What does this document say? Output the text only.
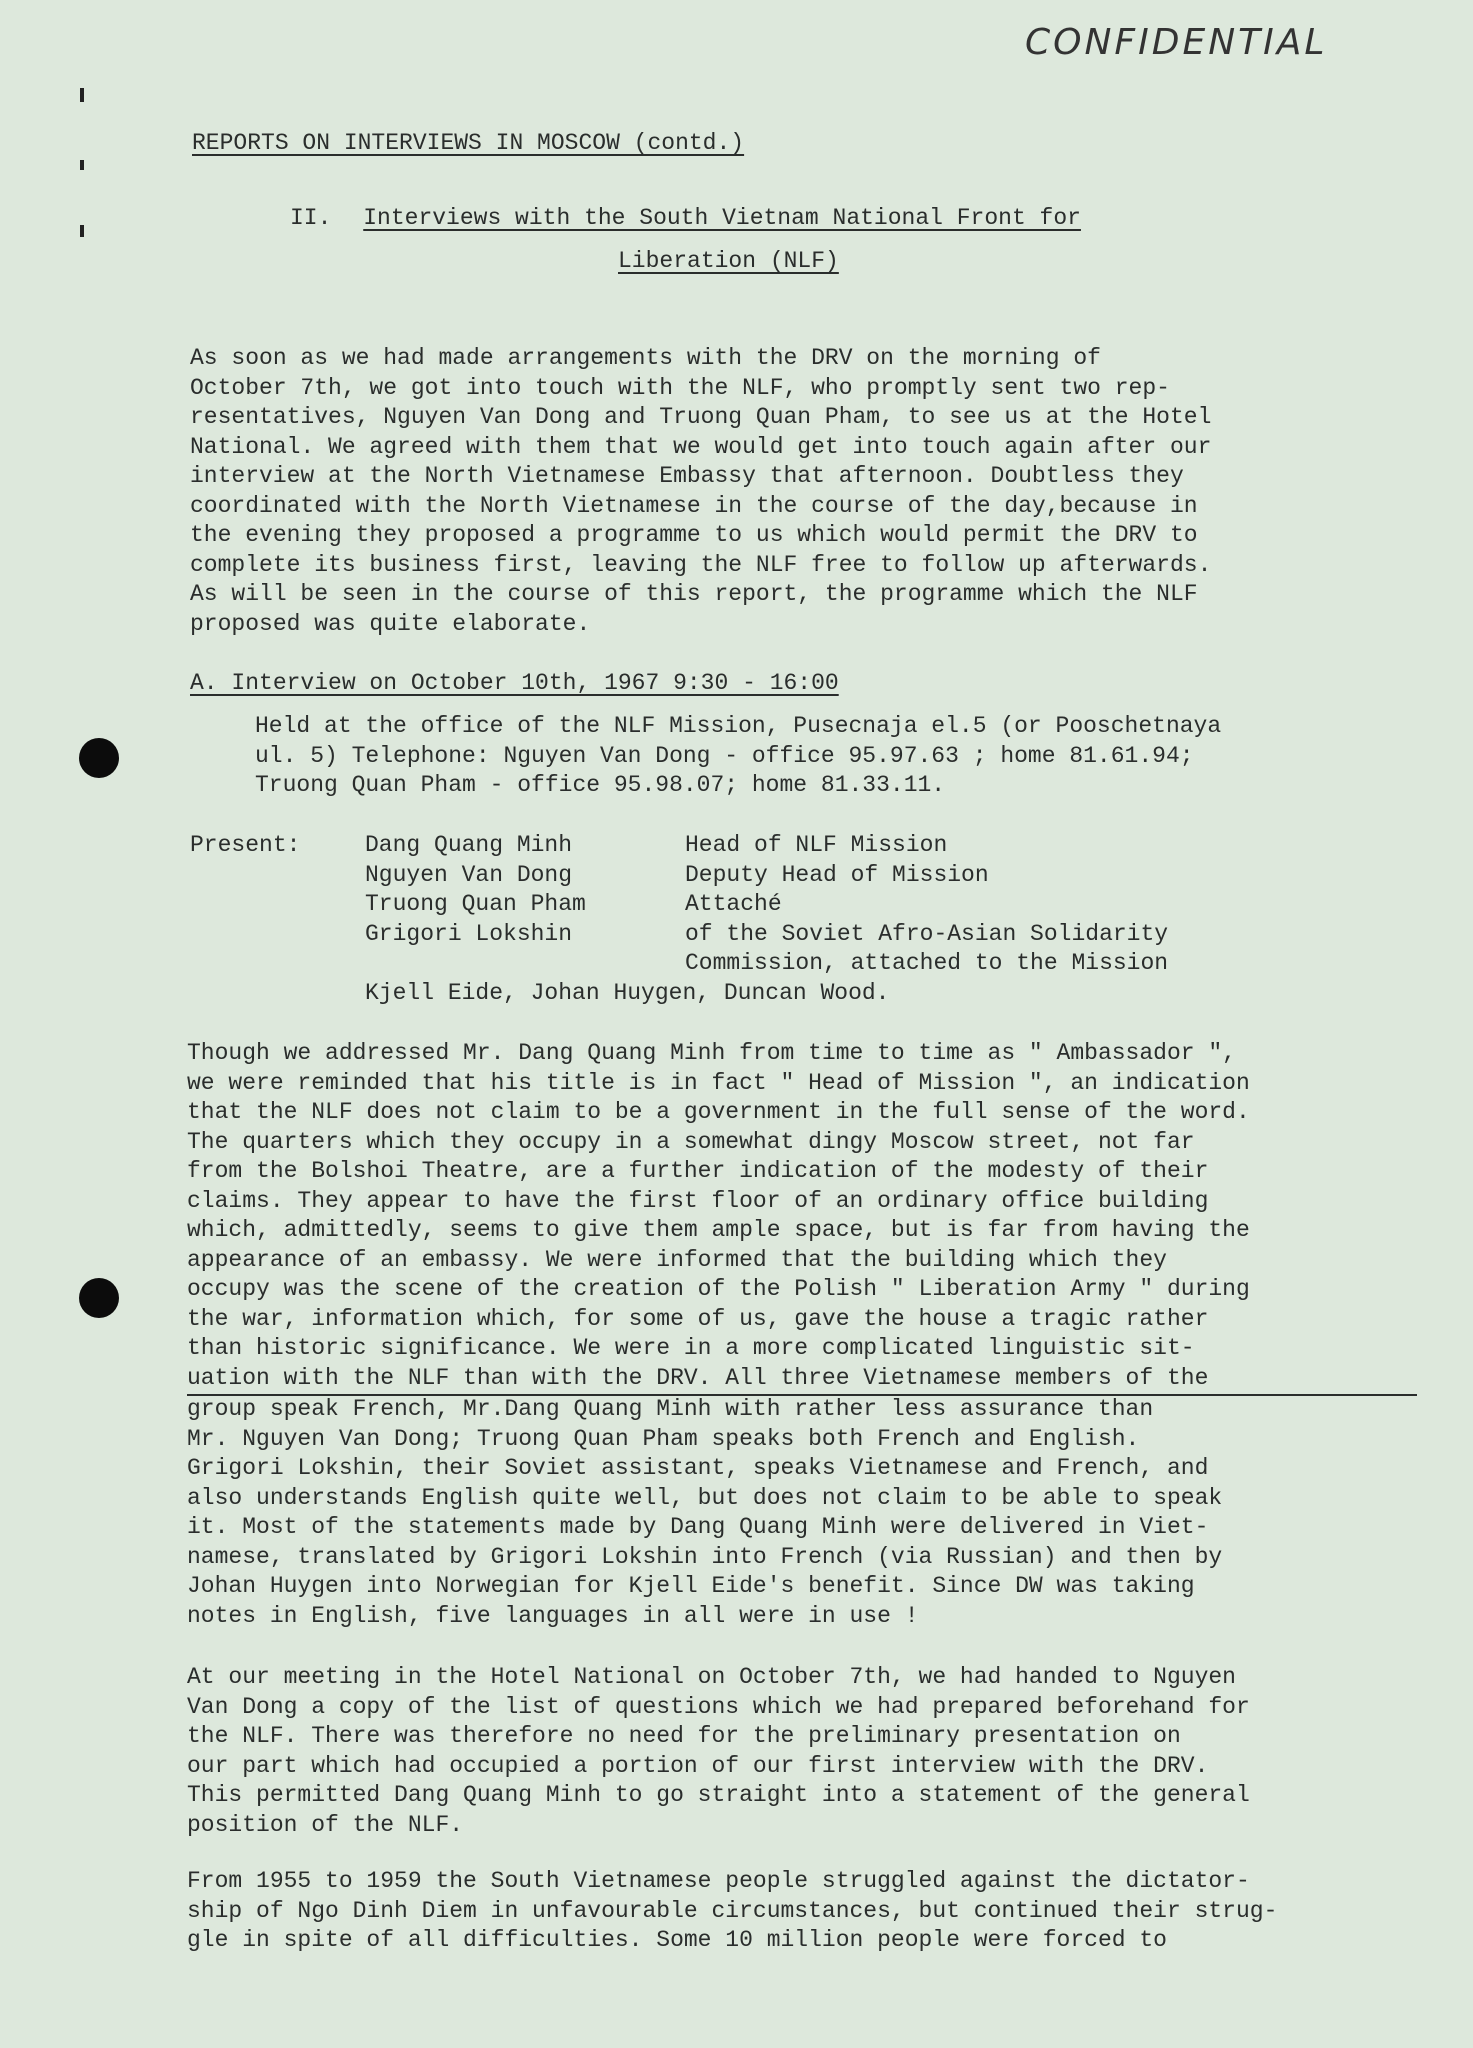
CONFIDENTIAL
REPORTS ON INTERVIEWS IN MOSCOW (contd.)
II. Interviews with the South Vietnam National Front for
Liberation (NLF)
As soon as we had made arrangements with the DRV on the morning of
October 7th, we got into touch with the NLF, who promptly sent two rep-
resentatives, Nguyen Van Dong and Truong Quan Pham, to see us at the Hotel
National. We agreed with them that we would get into touch again after our
interview at the North Vietnamese Embassy that afternoon. Doubtless they
coordinated with the North Vietnamese in the course of the day,because in
the evening they proposed a programme to us which would permit the DRV to
complete its business first, leaving the NLF free to follow up afterwards.
As will be seen in the course of this report, the programme which the NLF
proposed was quite elaborate.
A. Interview on October 10th, 1967 9:30 - 16:00
Held at the office of the NLF Mission, Pusecnaja el.5 (or Pooschetnaya
ul. 5) Telephone: Nguyen Van Dong - office 95.97.63 ; home 81.61.94;
Truong Quan Pham - office 95.98.07; home 81.33.11.
Present:	Dang Quang Minh	Head of NLF Mission
Nguyen Van Dong	Deputy Head of Mission
Truong Quan Pham	Attaché
Grigori Lokshin	of the Soviet Afro-Asian Solidarity
Commission, attached to the Mission
Kjell Eide, Johan Huygen, Duncan Wood.
Though we addressed Mr. Dang Quang Minh from time to time as " Ambassador ",
we were reminded that his title is in fact " Head of Mission ", an indication
that the NLF does not claim to be a government in the full sense of the word.
The quarters which they occupy in a somewhat dingy Moscow street, not far
from the Bolshoi Theatre, are a further indication of the modesty of their
claims. They appear to have the first floor of an ordinary office building
which, admittedly, seems to give them ample space, but is far from having the
appearance of an embassy. We were informed that the building which they
occupy was the scene of the creation of the Polish " Liberation Army " during
the war, information which, for some of us, gave the house a tragic rather
than historic significance. We were in a more complicated linguistic sit-
uation with the NLF than with the DRV. All three Vietnamese members of the
group speak French, Mr.Dang Quang Minh with rather less assurance than
Mr. Nguyen Van Dong; Truong Quan Pham speaks both French and English.
Grigori Lokshin, their Soviet assistant, speaks Vietnamese and French, and
also understands English quite well, but does not claim to be able to speak
it. Most of the statements made by Dang Quang Minh were delivered in Viet-
namese, translated by Grigori Lokshin into French (via Russian) and then by
Johan Huygen into Norwegian for Kjell Eide's benefit. Since DW was taking
notes in English, five languages in all were in use !
At our meeting in the Hotel National on October 7th, we had handed to Nguyen
Van Dong a copy of the list of questions which we had prepared beforehand for
the NLF. There was therefore no need for the preliminary presentation on
our part which had occupied a portion of our first interview with the DRV.
This permitted Dang Quang Minh to go straight into a statement of the general
position of the NLF.
From 1955 to 1959 the South Vietnamese people struggled against the dictator-
ship of Ngo Dinh Diem in unfavourable circumstances, but continued their strug-
gle in spite of all difficulties. Some 10 million people were forced to
